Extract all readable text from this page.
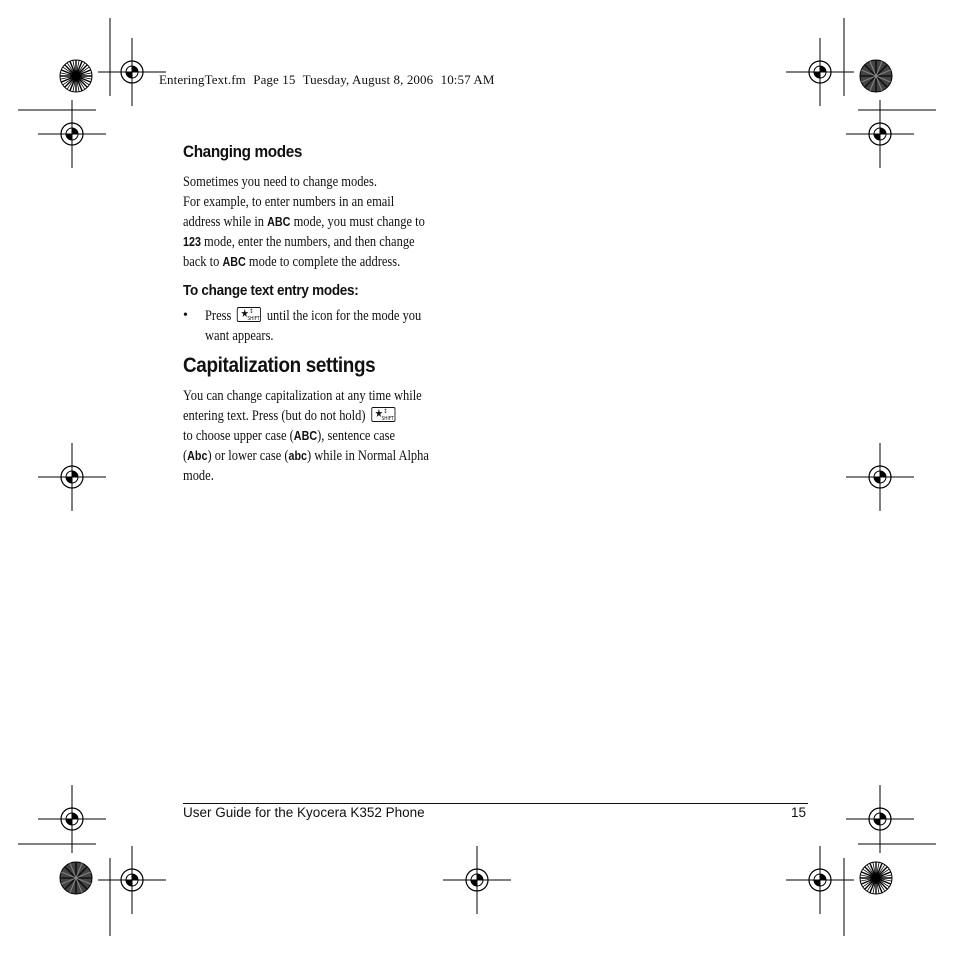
EnteringText.fm Page 15 Tuesday, August 8, 2006 10:57 AM
Changing modes
Sometimes you need to change modes.
For example, to enter numbers in an email
address while in ABC mode, you must change to
123 mode, enter the numbers, and then change
back to ABC mode to complete the address.
To change text entry modes:
• Press ★ ↕
SHIFT until the icon for the mode you
want appears.
Capitalization settings
You can change capitalization at any time while
entering text. Press (but do not hold) ★ ↕
SHIFT
to choose upper case (ABC), sentence case
(Abc) or lower case (abc) while in Normal Alpha
mode.
User Guide for the Kyocera K352 Phone	15
